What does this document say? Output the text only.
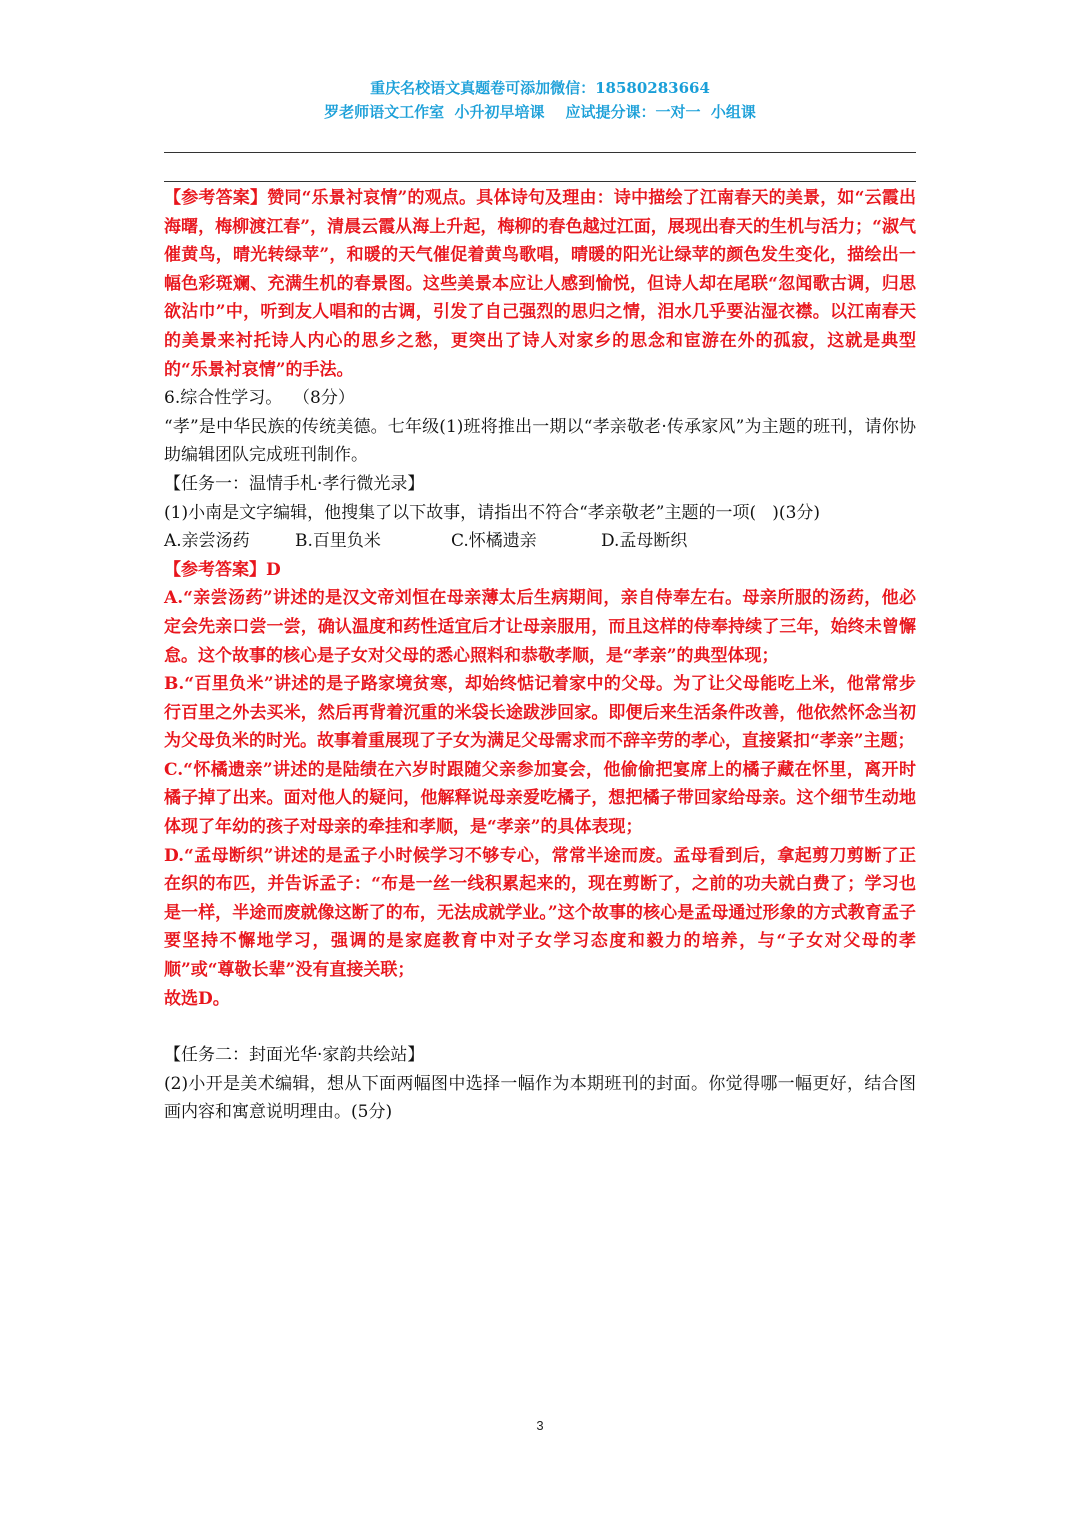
重庆名校语文真题卷可添加微信：18580283664
罗老师语文工作室  小升初早培课    应试提分课：一对一  小组课

【参考答案】赞同“乐景衬哀情”的观点。具体诗句及理由：诗中描绘了江南春天的美景，如“云霞出海曙，梅柳渡江春”，清晨云霞从海上升起，梅柳的春色越过江面，展现出春天的生机与活力；“淑气催黄鸟，晴光转绿苹”，和暖的天气催促着黄鸟歌唱，晴暖的阳光让绿苹的颜色发生变化，描绘出一幅色彩斑斓、充满生机的春景图。这些美景本应让人感到愉悦，但诗人却在尾联“忽闻歌古调，归思欲沾巾”中，听到友人唱和的古调，引发了自己强烈的思归之情，泪水几乎要沾湿衣襟。以江南春天的美景来衬托诗人内心的思乡之愁，更突出了诗人对家乡的思念和宦游在外的孤寂，这就是典型的“乐景衬哀情”的手法。

6.综合性学习。  （8分）

“孝”是中华民族的传统美德。七年级(1)班将推出一期以“孝亲敬老·传承家风”为主题的班刊，请你协助编辑团队完成班刊制作。

【任务一：温情手札·孝行微光录】

(1)小南是文字编辑，他搜集了以下故事，请指出不符合“孝亲敬老”主题的一项(   )(3分)

A.亲尝汤药	B.百里负米	C.怀橘遗亲	D.孟母断织

【参考答案】D

A.“亲尝汤药”讲述的是汉文帝刘恒在母亲薄太后生病期间，亲自侍奉左右。母亲所服的汤药，他必定会先亲口尝一尝，确认温度和药性适宜后才让母亲服用，而且这样的侍奉持续了三年，始终未曾懈怠。这个故事的核心是子女对父母的悉心照料和恭敬孝顺，是“孝亲”的典型体现；

B.“百里负米”讲述的是子路家境贫寒，却始终惦记着家中的父母。为了让父母能吃上米，他常常步行百里之外去买米，然后再背着沉重的米袋长途跋涉回家。即便后来生活条件改善，他依然怀念当初为父母负米的时光。故事着重展现了子女为满足父母需求而不辞辛劳的孝心，直接紧扣“孝亲”主题；

C.“怀橘遗亲”讲述的是陆绩在六岁时跟随父亲参加宴会，他偷偷把宴席上的橘子藏在怀里，离开时橘子掉了出来。面对他人的疑问，他解释说母亲爱吃橘子，想把橘子带回家给母亲。这个细节生动地体现了年幼的孩子对母亲的牵挂和孝顺，是“孝亲”的具体表现；

D.“孟母断织”讲述的是孟子小时候学习不够专心，常常半途而废。孟母看到后，拿起剪刀剪断了正在织的布匹，并告诉孟子：“布是一丝一线积累起来的，现在剪断了，之前的功夫就白费了；学习也是一样，半途而废就像这断了的布，无法成就学业。”这个故事的核心是孟母通过形象的方式教育孟子要坚持不懈地学习，强调的是家庭教育中对子女学习态度和毅力的培养，与“子女对父母的孝顺”或“尊敬长辈”没有直接关联；

故选D。

【任务二：封面光华·家韵共绘站】

(2)小开是美术编辑，想从下面两幅图中选择一幅作为本期班刊的封面。你觉得哪一幅更好，结合图画内容和寓意说明理由。(5分)

3
